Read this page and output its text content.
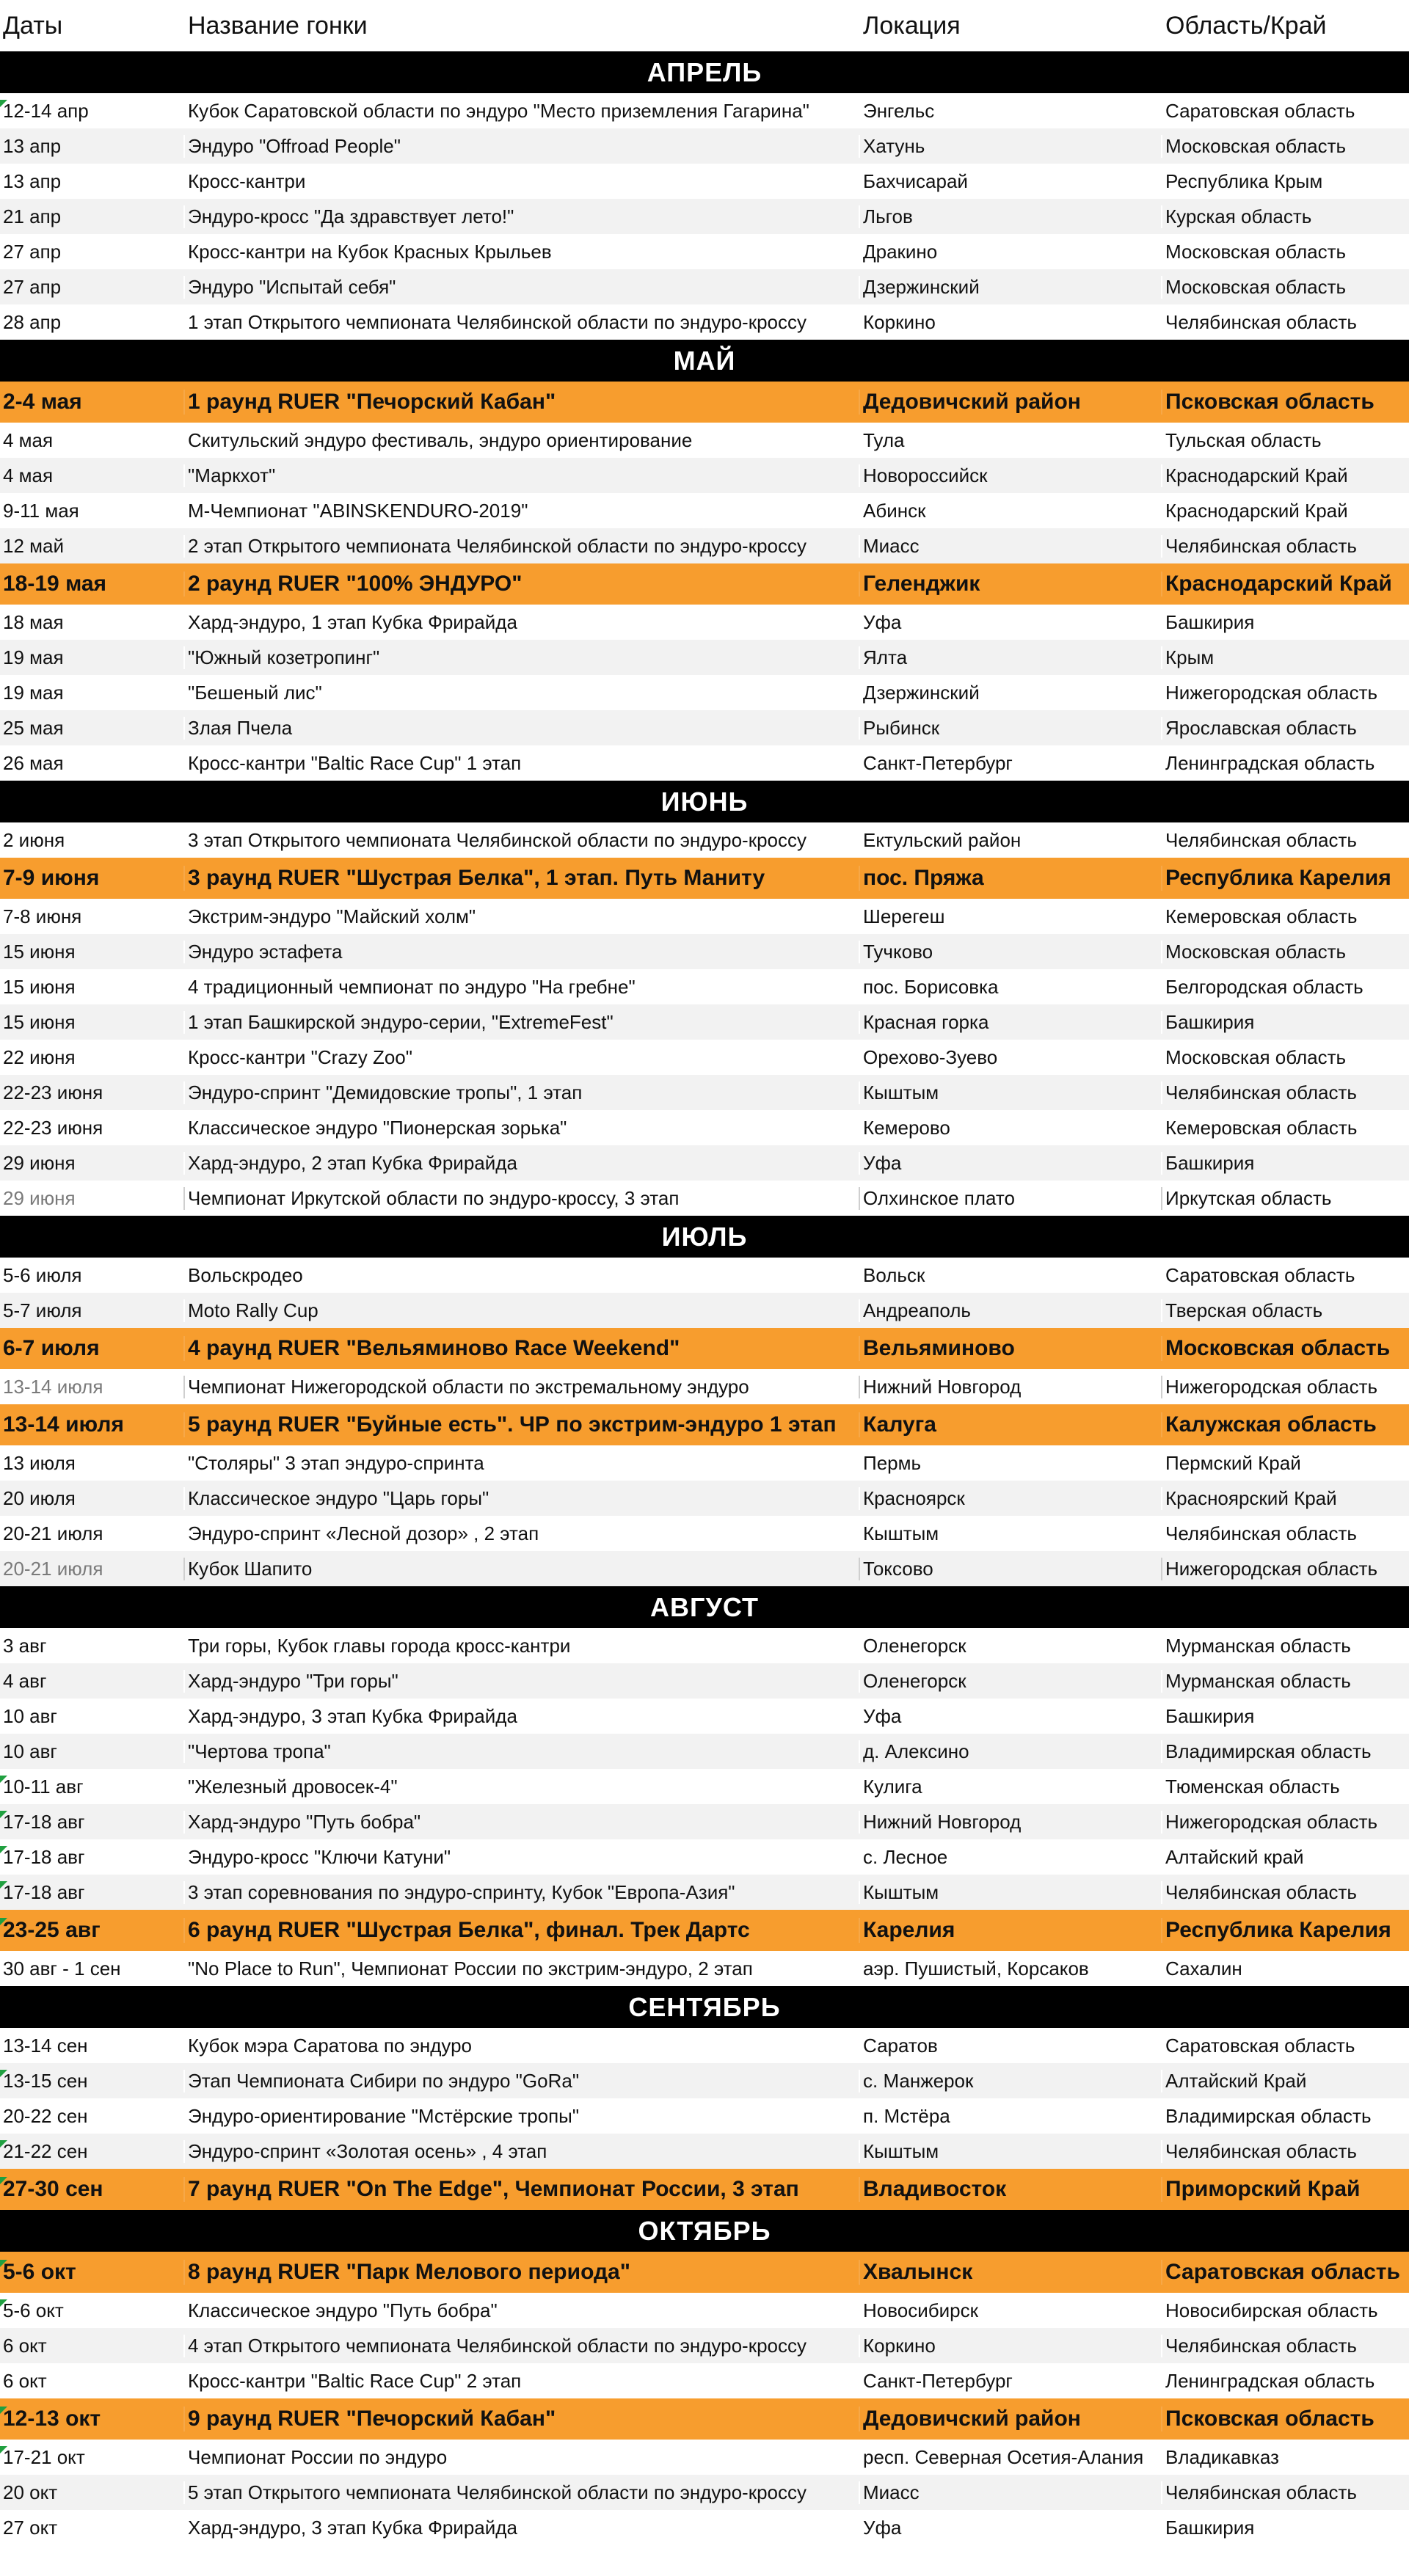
Даты	Название гонки	Локация	Область/Край
АПРЕЛЬ
12-14 апр	Кубок Саратовской области по эндуро "Место приземления Гагарина"	Энгельс	Саратовская область
13 апр	Эндуро "Offroad People"	Хатунь	Московская область
13 апр	Кросс-кантри	Бахчисарай	Республика Крым
21 апр	Эндуро-кросс "Да здравствует лето!"	Льгов	Курская область
27 апр	Кросс-кантри на Кубок Красных Крыльев	Дракино	Московская область
27 апр	Эндуро "Испытай себя"	Дзержинский	Московская область
28 апр	1 этап Открытого чемпионата Челябинской области по эндуро-кроссу	Коркино	Челябинская область
МАЙ
2-4 мая	1 раунд RUER "Печорский Кабан"	Дедовичский район	Псковская область
4 мая	Скитульский эндуро фестиваль, эндуро ориентирование	Тула	Тульская область
4 мая	"Маркхот"	Новороссийск	Краснодарский Край
9-11 мая	М-Чемпионат "ABINSKENDURO-2019"	Абинск	Краснодарский Край
12 май	2 этап Открытого чемпионата Челябинской области по эндуро-кроссу	Миасс	Челябинская область
18-19 мая	2 раунд RUER "100% ЭНДУРО"	Геленджик	Краснодарский Край
18 мая	Хард-эндуро, 1 этап Кубка Фрирайда	Уфа	Башкирия
19 мая	"Южный козетропинг"	Ялта	Крым
19 мая	"Бешеный лис"	Дзержинский	Нижегородская область
25 мая	Злая Пчела	Рыбинск	Ярославская область
26 мая	Кросс-кантри "Baltic Race Cup" 1 этап	Санкт-Петербург	Ленинградская область
ИЮНЬ
2 июня	3 этап Открытого чемпионата Челябинской области по эндуро-кроссу	Ектульский район	Челябинская область
7-9 июня	3 раунд RUER "Шустрая Белка", 1 этап. Путь Маниту	пос. Пряжа	Республика Карелия
7-8 июня	Экстрим-эндуро "Майский холм"	Шерегеш	Кемеровская область
15 июня	Эндуро эстафета	Тучково	Московская область
15 июня	4 традиционный чемпионат по эндуро "На гребне"	пос. Борисовка	Белгородская область
15 июня	1 этап Башкирской эндуро-серии, "ExtremeFest"	Красная горка	Башкирия
22 июня	Кросс-кантри "Crazy Zoo"	Орехово-Зуево	Московская область
22-23 июня	Эндуро-спринт "Демидовские тропы", 1 этап	Кыштым	Челябинская область
22-23 июня	Классическое эндуро "Пионерская зорька"	Кемерово	Кемеровская область
29 июня	Хард-эндуро, 2 этап Кубка Фрирайда	Уфа	Башкирия
29 июня	Чемпионат Иркутской области по эндуро-кроссу, 3 этап	Олхинское плато	Иркутская область
ИЮЛЬ
5-6 июля	Вольскродео	Вольск	Саратовская область
5-7 июля	Moto Rally Cup	Андреаполь	Тверская область
6-7 июля	4 раунд RUER "Вельяминово Race Weekend"	Вельяминово	Московская область
13-14 июля	Чемпионат Нижегородской области по экстремальному эндуро	Нижний Новгород	Нижегородская область
13-14 июля	5 раунд RUER "Буйные есть". ЧР по экстрим-эндуро 1 этап	Калуга	Калужская область
13 июля	"Столяры" 3 этап эндуро-спринта	Пермь	Пермский Край
20 июля	Классическое эндуро "Царь горы"	Красноярск	Красноярский Край
20-21 июля	Эндуро-спринт «Лесной дозор» , 2 этап	Кыштым	Челябинская область
20-21 июля	Кубок Шапито	Токсово	Нижегородская область
АВГУСТ
3 авг	Три горы, Кубок главы города кросс-кантри	Оленегорск	Мурманская область
4 авг	Хард-эндуро "Три горы"	Оленегорск	Мурманская область
10 авг	Хард-эндуро, 3 этап Кубка Фрирайда	Уфа	Башкирия
10 авг	"Чертова тропа"	д. Алексино	Владимирская область
10-11 авг	"Железный дровосек-4"	Кулига	Тюменская область
17-18 авг	Хард-эндуро "Путь бобра"	Нижний Новгород	Нижегородская область
17-18 авг	Эндуро-кросс "Ключи Катуни"	с. Лесное	Алтайский край
17-18 авг	3 этап соревнования по эндуро-спринту, Кубок "Европа-Азия"	Кыштым	Челябинская область
23-25 авг	6 раунд RUER "Шустрая Белка", финал. Трек Дартс	Карелия	Республика Карелия
30 авг - 1 сен	"No Place to Run", Чемпионат России по экстрим-эндуро, 2 этап	аэр. Пушистый, Корсаков	Сахалин
СЕНТЯБРЬ
13-14 сен	Кубок мэра Саратова по эндуро	Саратов	Саратовская область
13-15 сен	Этап Чемпионата Сибири по эндуро "GoRa"	с. Манжерок	Алтайский Край
20-22 сен	Эндуро-ориентирование "Мстёрские тропы"	п. Мстёра	Владимирская область
21-22 сен	Эндуро-спринт «Золотая осень» , 4 этап	Кыштым	Челябинская область
27-30 сен	7 раунд RUER "On The Edge", Чемпионат России, 3 этап	Владивосток	Приморский Край
ОКТЯБРЬ
5-6 окт	8 раунд RUER "Парк Мелового периода"	Хвалынск	Саратовская область
5-6 окт	Классическое эндуро "Путь бобра"	Новосибирск	Новосибирская область
6 окт	4 этап Открытого чемпионата Челябинской области по эндуро-кроссу	Коркино	Челябинская область
6 окт	Кросс-кантри "Baltic Race Cup" 2 этап	Санкт-Петербург	Ленинградская область
12-13 окт	9 раунд RUER "Печорский Кабан"	Дедовичский район	Псковская область
17-21 окт	Чемпионат России по эндуро	респ. Северная Осетия-Алания	Владикавказ
20 окт	5 этап Открытого чемпионата Челябинской области по эндуро-кроссу	Миасс	Челябинская область
27 окт	Хард-эндуро, 3 этап Кубка Фрирайда	Уфа	Башкирия
